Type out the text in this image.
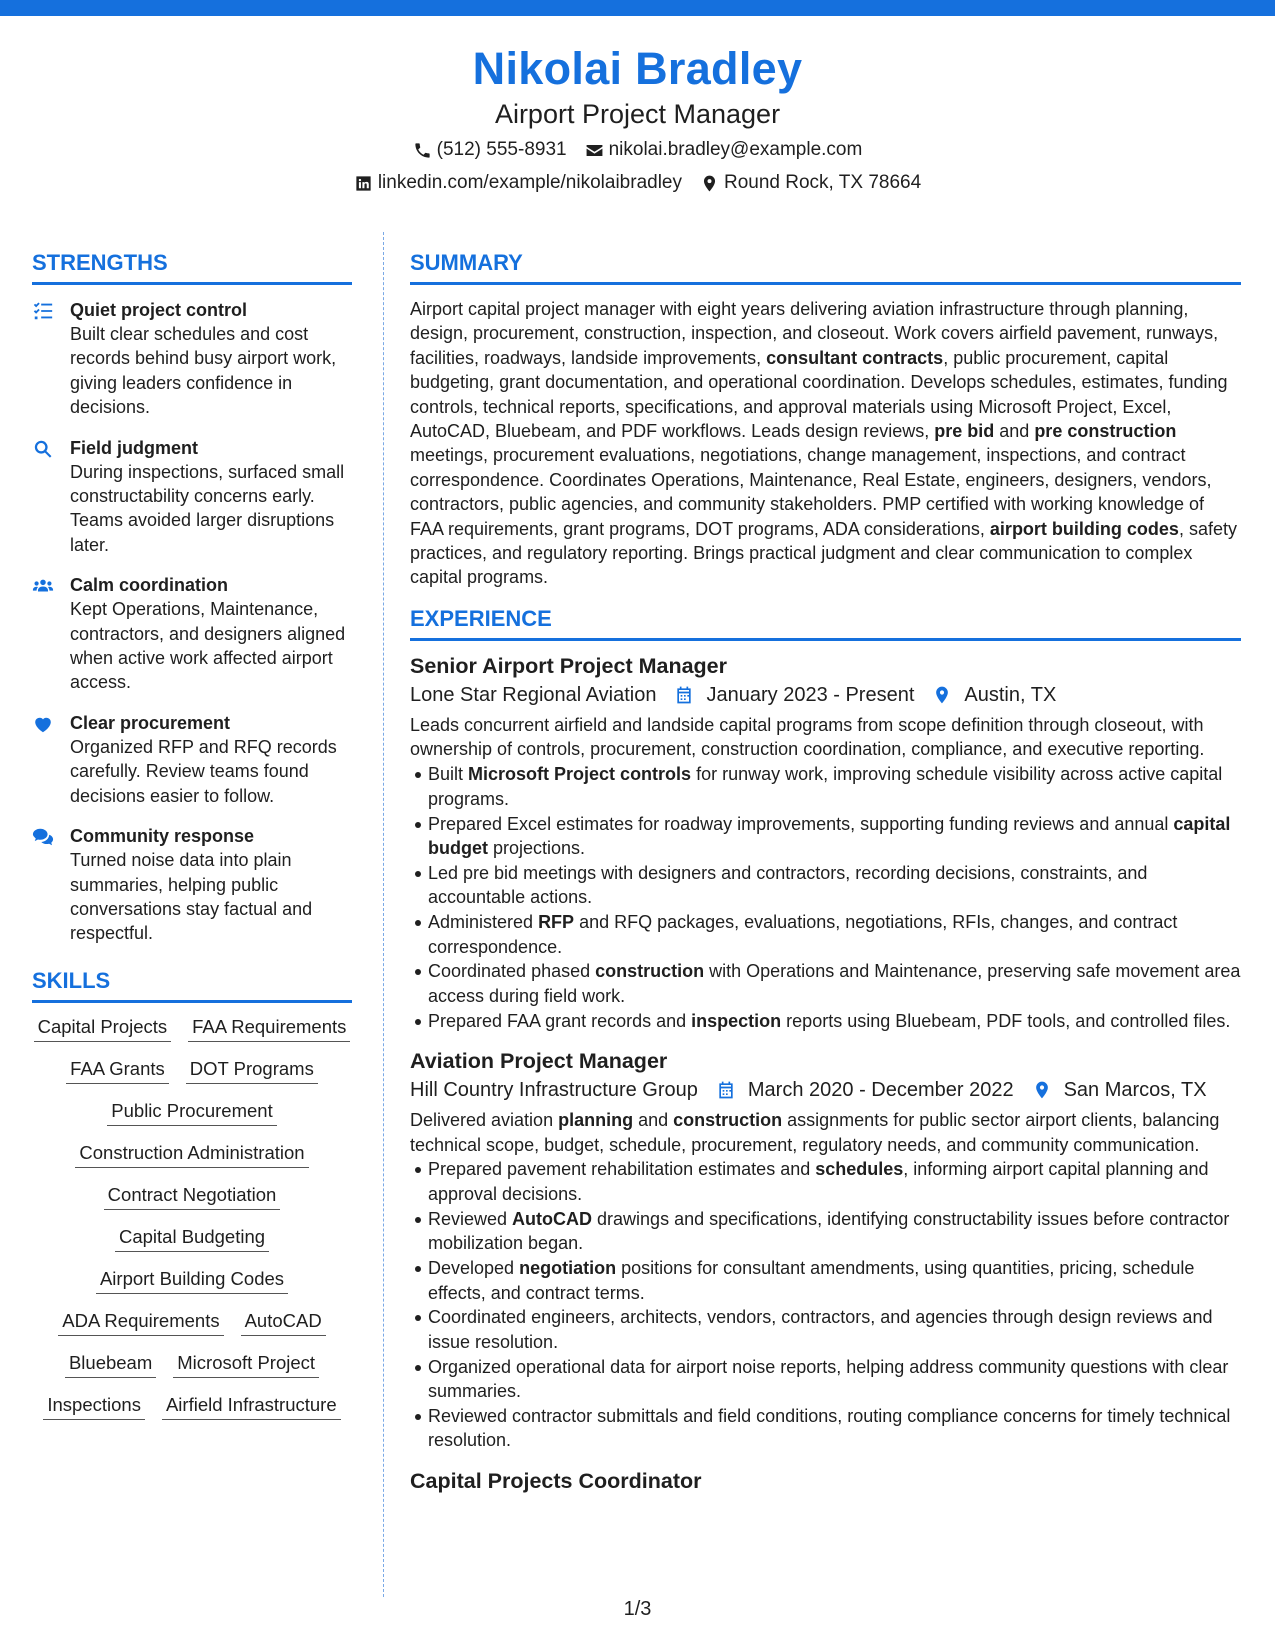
Nikolai Bradley
Airport Project Manager
(512) 555-8931 nikolai.bradley@example.com
linkedin.com/example/nikolaibradley Round Rock, TX 78664
STRENGTHS
Quiet project control
Built clear schedules and cost records behind busy airport work, giving leaders confidence in decisions.
Field judgment
During inspections, surfaced small constructability concerns early. Teams avoided larger disruptions later.
Calm coordination
Kept Operations, Maintenance, contractors, and designers aligned when active work affected airport access.
Clear procurement
Organized RFP and RFQ records carefully. Review teams found decisions easier to follow.
Community response
Turned noise data into plain summaries, helping public conversations stay factual and respectful.
SKILLS
Capital Projects FAA Requirements
FAA Grants DOT Programs
Public Procurement
Construction Administration
Contract Negotiation
Capital Budgeting
Airport Building Codes
ADA Requirements AutoCAD
Bluebeam Microsoft Project
Inspections Airfield Infrastructure
SUMMARY
Airport capital project manager with eight years delivering aviation infrastructure through planning, design, procurement, construction, inspection, and closeout. Work covers airfield pavement, runways, facilities, roadways, landside improvements, consultant contracts, public procurement, capital budgeting, grant documentation, and operational coordination. Develops schedules, estimates, funding controls, technical reports, specifications, and approval materials using Microsoft Project, Excel, AutoCAD, Bluebeam, and PDF workflows. Leads design reviews, pre bid and pre construction meetings, procurement evaluations, negotiations, change management, inspections, and contract correspondence. Coordinates Operations, Maintenance, Real Estate, engineers, designers, vendors, contractors, public agencies, and community stakeholders. PMP certified with working knowledge of FAA requirements, grant programs, DOT programs, ADA considerations, airport building codes, safety practices, and regulatory reporting. Brings practical judgment and clear communication to complex capital programs.
EXPERIENCE
Senior Airport Project Manager
Lone Star Regional Aviation	January 2023 - Present	Austin, TX
Leads concurrent airfield and landside capital programs from scope definition through closeout, with ownership of controls, procurement, construction coordination, compliance, and executive reporting.
Built Microsoft Project controls for runway work, improving schedule visibility across active capital programs.
Prepared Excel estimates for roadway improvements, supporting funding reviews and annual capital budget projections.
Led pre bid meetings with designers and contractors, recording decisions, constraints, and accountable actions.
Administered RFP and RFQ packages, evaluations, negotiations, RFIs, changes, and contract correspondence.
Coordinated phased construction with Operations and Maintenance, preserving safe movement area access during field work.
Prepared FAA grant records and inspection reports using Bluebeam, PDF tools, and controlled files.
Aviation Project Manager
Hill Country Infrastructure Group	March 2020 - December 2022	San Marcos, TX
Delivered aviation planning and construction assignments for public sector airport clients, balancing technical scope, budget, schedule, procurement, regulatory needs, and community communication.
Prepared pavement rehabilitation estimates and schedules, informing airport capital planning and approval decisions.
Reviewed AutoCAD drawings and specifications, identifying constructability issues before contractor mobilization began.
Developed negotiation positions for consultant amendments, using quantities, pricing, schedule effects, and contract terms.
Coordinated engineers, architects, vendors, contractors, and agencies through design reviews and issue resolution.
Organized operational data for airport noise reports, helping address community questions with clear summaries.
Reviewed contractor submittals and field conditions, routing compliance concerns for timely technical resolution.
Capital Projects Coordinator
1/3
